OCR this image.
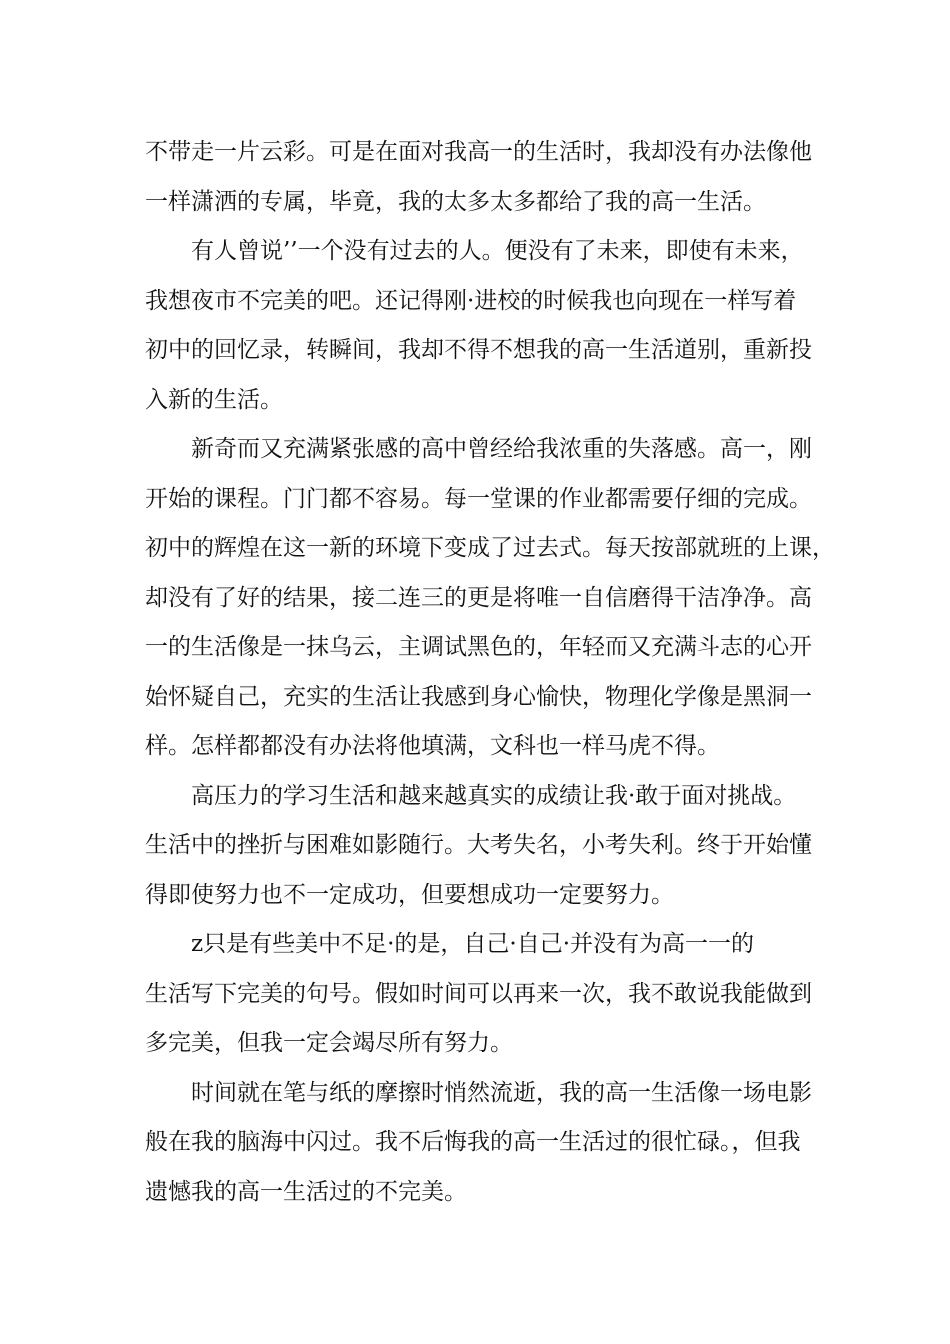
不带走一片云彩。可是在面对我高一的生活时，我却没有办法像他
一样潇洒的专属，毕竟，我的太多太多都给了我的高一生活。
有人曾说’’一个没有过去的人。便没有了未来，即使有未来，
我想夜市不完美的吧。还记得刚·进校的时候我也向现在一样写着
初中的回忆录，转瞬间，我却不得不想我的高一生活道别，重新投
入新的生活。
新奇而又充满紧张感的高中曾经给我浓重的失落感。高一，刚
开始的课程。门门都不容易。每一堂课的作业都需要仔细的完成。
初中的辉煌在这一新的环境下变成了过去式。每天按部就班的上课，
却没有了好的结果，接二连三的更是将唯一自信磨得干洁净净。高
一的生活像是一抹乌云，主调试黑色的，年轻而又充满斗志的心开
始怀疑自己，充实的生活让我感到身心愉快，物理化学像是黑洞一
样。怎样都都没有办法将他填满，文科也一样马虎不得。
高压力的学习生活和越来越真实的成绩让我·敢于面对挑战。
生活中的挫折与困难如影随行。大考失名，小考失利。终于开始懂
得即使努力也不一定成功，但要想成功一定要努力。
z只是有些美中不足·的是，自己·自己·并没有为高一一的
生活写下完美的句号。假如时间可以再来一次，我不敢说我能做到
多完美，但我一定会竭尽所有努力。
时间就在笔与纸的摩擦时悄然流逝，我的高一生活像一场电影
般在我的脑海中闪过。我不后悔我的高一生活过的很忙碌。，但我
遗憾我的高一生活过的不完美。
